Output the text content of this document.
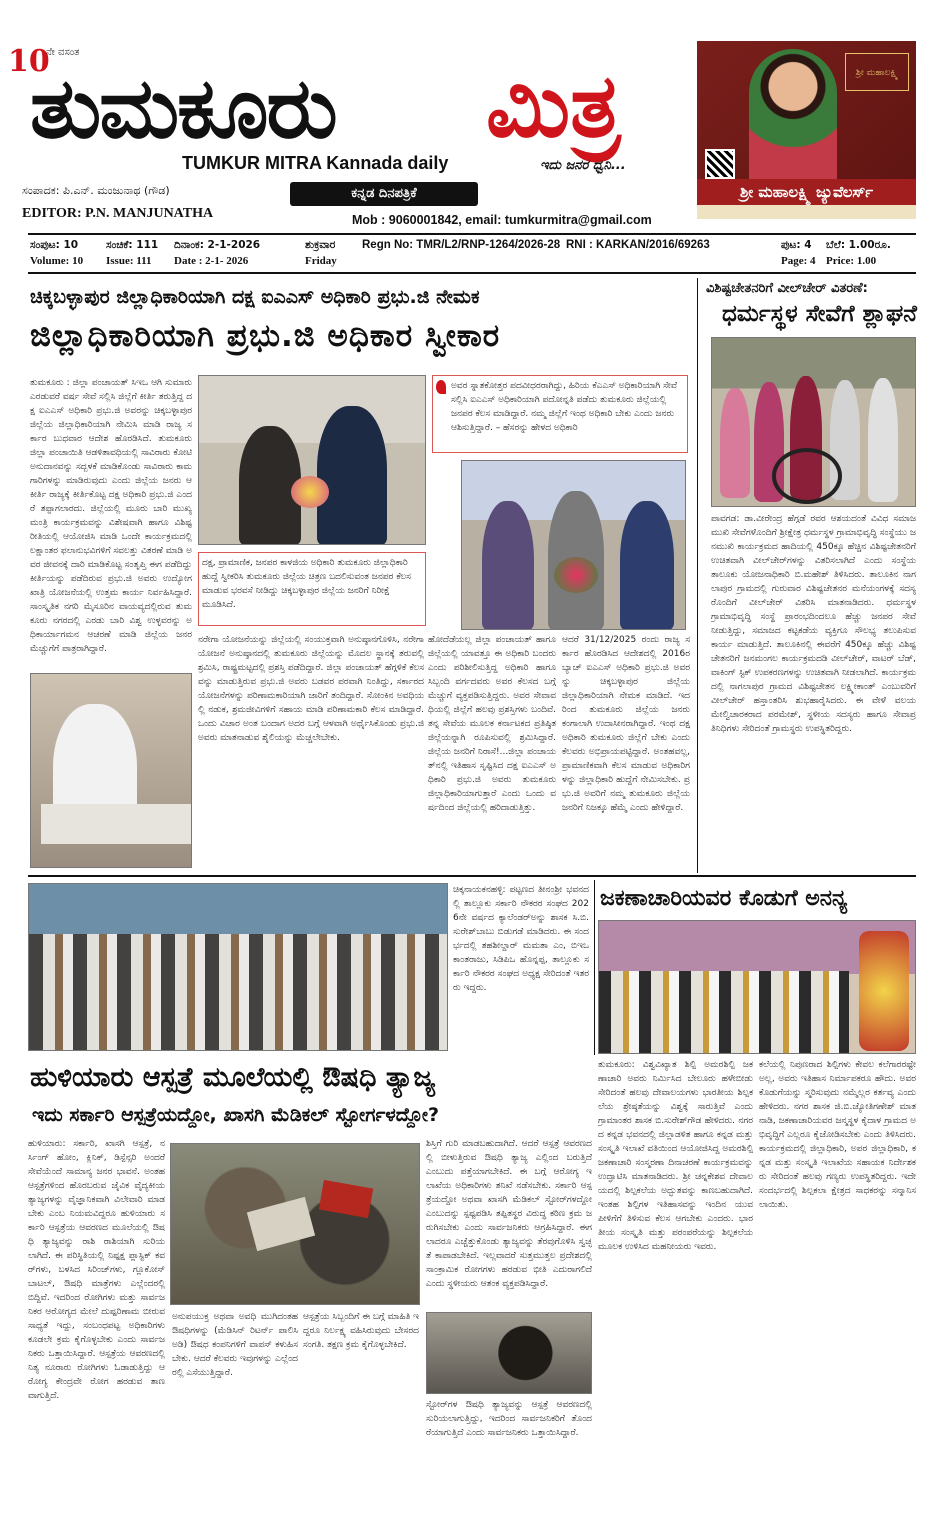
10
ನೇ ವಸಂತ
ತುಮಕೂರು ಮಿತ್ರ
TUMKUR MITRA Kannada daily	ಇದು ಜನರ ಧ್ವನಿ...
ಸಂಪಾದಕ: ಪಿ.ಎನ್. ಮಂಜುನಾಥ (ಗೌಡ)
EDITOR: P.N. MANJUNATHA
ಕನ್ನಡ ದಿನಪತ್ರಿಕೆ
Mob : 9060001842, email: tumkurmitra@gmail.com
ಶ್ರೀ ಮಹಾಲಕ್ಷ್ಮಿ
ಶ್ರೀ ಮಹಾಲಕ್ಷ್ಮಿ ಜ್ಯುವೆಲರ್ಸ್
ಸಂಪುಟ: 10	ಸಂಚಿಕೆ: 111 ದಿನಾಂಕ: 2-1-2026	ಶುಕ್ರವಾರ
Volume: 10 Issue: 111 Date : 2-1- 2026	Friday
Regn No: TMR/L2/RNP-1264/2026-28 RNI : KARKAN/2016/69263	ಪುಟ: 4 ಬೆಲೆ: 1.00ರೂ.
Page: 4 Price: 1.00
ಚಿಕ್ಕಬಳ್ಳಾಪುರ ಜಿಲ್ಲಾಧಿಕಾರಿಯಾಗಿ ದಕ್ಷ ಐಎಎಸ್ ಅಧಿಕಾರಿ ಪ್ರಭು.ಜಿ ನೇಮಕ
ಜಿಲ್ಲಾಧಿಕಾರಿಯಾಗಿ ಪ್ರಭು.ಜಿ ಅಧಿಕಾರ ಸ್ವೀಕಾರ
ತುಮಕೂರು : ಜಿಲ್ಲಾ ಪಂಚಾಯತ್ ಸಿಇಒ ಆಗಿ ಸುಮಾರು ಎರಡುವರೆ ವರ್ಷ ಸೇವೆ ಸಲ್ಲಿಸಿ ಜಿಲ್ಲೆಗೆ ಕೀರ್ತಿ ತರುತ್ತಿದ್ದ ದಕ್ಷ ಐಎಎಸ್ ಅಧಿಕಾರಿ ಪ್ರಭು.ಜಿ ಅವರನ್ನು ಚಿಕ್ಕಬಳ್ಳಾಪುರ ಜಿಲ್ಲೆಯ ಜಿಲ್ಲಾಧಿಕಾರಿಯಾಗಿ ನೇಮಿಸಿ ಮಾಡಿ ರಾಜ್ಯ ಸರ್ಕಾರ ಬುಧವಾರ ಆದೇಶ ಹೊರಡಿಸಿದೆ. ತುಮಕೂರು ಜಿಲ್ಲಾ ಪಂಚಾಯಿತಿ ಆಡಳಿತಾವಧಿಯಲ್ಲಿ ಸಾವಿರಾರು ಕೋಟಿ ಅನುದಾನವನ್ನು ಸದ್ಬಳಕೆ ಮಾಡಿಕೊಂಡು ಸಾವಿರಾರು ಕಾಮಗಾರಿಗಳನ್ನು ಮಾಡಿರುವುದು ಎಂದು ಜಿಲ್ಲೆಯ ಜನರು ಆ ಕೀರ್ತಿ ರಾಜ್ಯಕ್ಕೆ ಕೀರ್ತಿಕೊಟ್ಟ ದಕ್ಷ ಅಧಿಕಾರಿ ಪ್ರಭು.ಜಿ ಎಂದರೆ ತಪ್ಪಾಗಲಾರದು. ಜಿಲ್ಲೆಯಲ್ಲಿ ಮೂರು ಬಾರಿ ಮುಖ್ಯಮಂತ್ರಿ ಕಾರ್ಯಕ್ರಮವನ್ನು ವಿಶೇಷವಾಗಿ ಹಾಗೂ ವಿಶಿಷ್ಟ ರೀತಿಯಲ್ಲಿ ಆಯೋಜಿಸಿ ಮಾಡಿ ಒಂದೇ ಕಾರ್ಯಕ್ರಮದಲ್ಲಿ ಲಕ್ಷಾಂತರ ಫಲಾನುಭವಿಗಳಿಗೆ ಸವಲತ್ತು ವಿತರಣೆ ಮಾಡಿ ಅವರ ಜೀವನಕ್ಕೆ ದಾರಿ ಮಾಡಿಕೊಟ್ಟ ಸಂತೃಪ್ತಿ ಈಗ ಪಡೆದಿದ್ದು ಕೀರ್ತಿಯನ್ನು ಪಡೆದಿರುವ ಪ್ರಭು.ಜಿ ಅವರು ಉದ್ಯೋಗ ಖಾತ್ರಿ ಯೋಜನೆಯಲ್ಲಿ ಉತ್ತಮ ಕಾರ್ಯ ನಿರ್ವಹಿಸಿದ್ದಾರೆ. ಸಾಂಸ್ಕೃತಿಕ ನಗರಿ ಮೈಸೂರಿನ ವಾಯವ್ಯದಲ್ಲಿರುವ ತುಮಕೂರು ನಗರದಲ್ಲಿ ಎರಡು ಬಾರಿ ವಿಶ್ವ ಉಳ್ಳವರನ್ನು ಅಧಿಕಾರ್ಯಾಗಮನ ಆಚರಣೆ ಮಾಡಿ ಜಿಲ್ಲೆಯ ಜನರ ಮೆಚ್ಚುಗೆಗೆ ಪಾತ್ರರಾಗಿದ್ದಾರೆ.
ದಕ್ಷ, ಪ್ರಾಮಾಣಿಕ, ಜನಪರ ಕಾಳಜಿಯ ಅಧಿಕಾರಿ ತುಮಕೂರು ಜಿಲ್ಲಾಧಿಕಾರಿ ಹುದ್ದೆ ಸ್ವೀಕರಿಸಿ ತುಮಕೂರು ಜಿಲ್ಲೆಯ ಚಿತ್ರಣ ಬದಲಿಸುವಂತ ಜನಪರ ಕೆಲಸ ಮಾಡುವ ಭರವಸೆ ನೀಡಿದ್ದು ಚಿಕ್ಕಬಳ್ಳಾಪುರ ಜಿಲ್ಲೆಯ ಜನರಿಗೆ ನಿರೀಕ್ಷೆ ಮೂಡಿಸಿದೆ.
ಅವರ ಸ್ನಾತಕೋತ್ತರ ಪದವೀಧರರಾಗಿದ್ದು, ಹಿರಿಯ ಕೆಎಎಸ್ ಅಧಿಕಾರಿಯಾಗಿ ಸೇವೆ ಸಲ್ಲಿಸಿ ಐಎಎಸ್ ಅಧಿಕಾರಿಯಾಗಿ ಪದೋನ್ನತಿ ಪಡೆದು ತುಮಕೂರು ಜಿಲ್ಲೆಯಲ್ಲಿ ಜನಪರ ಕೆಲಸ ಮಾಡಿದ್ದಾರೆ. ನಮ್ಮ ಜಿಲ್ಲೆಗೆ ಇಂಥ ಅಧಿಕಾರಿ ಬೇಕು ಎಂದು ಜನರು ಆಶಿಸುತ್ತಿದ್ದಾರೆ. – ಹೆಸರನ್ನು ಹೇಳದ ಅಧಿಕಾರಿ
ನರೇಗಾ ಯೋಜನೆಯನ್ನು ಜಿಲ್ಲೆಯಲ್ಲಿ ಸಂಯುಕ್ತವಾಗಿ ಅನುಷ್ಠಾನಗೊಳಿಸಿ, ನರೇಗಾ ಯೋಜನೆ ಅನುಷ್ಠಾನದಲ್ಲಿ ತುಮಕೂರು ಜಿಲ್ಲೆಯನ್ನು ಮೊದಲ ಸ್ಥಾನಕ್ಕೆ ತರುವಲ್ಲಿ ಶ್ರಮಿಸಿ, ರಾಷ್ಟ್ರಮಟ್ಟದಲ್ಲಿ ಪ್ರಶಸ್ತಿ ಪಡೆದಿದ್ದಾರೆ. ಜಿಲ್ಲಾ ಪಂಚಾಯತ್ ಹೆಗ್ಗಳಿಕೆ ಕೆಲಸವನ್ನು ಮಾಡುತ್ತಿರುವ ಪ್ರಭು.ಜಿ ಅವರು ಬಡವರ ಪರವಾಗಿ ನಿಂತಿದ್ದು, ಸರ್ಕಾರದ ಯೋಜನೆಗಳನ್ನು ಪರಿಣಾಮಕಾರಿಯಾಗಿ ಜಾರಿಗೆ ತಂದಿದ್ದಾರೆ. ಸೋಂಕಿನ ಅವಧಿಯಲ್ಲಿ ನಡುಕ, ಶ್ರಮಜೀವಿಗಳಿಗೆ ಸಹಾಯ ಮಾಡಿ ಪರಿಣಾಮಕಾರಿ ಕೆಲಸ ಮಾಡಿದ್ದಾರೆ. ಒಂದು ವಿಚಾರ ಅಂತ ಬಂದಾಗ ಅದರ ಬಗ್ಗೆ ಆಳವಾಗಿ ಅರ್ಥೈಸಿಕೊಂಡು ಪ್ರಭು.ಜಿ ಅವರು ಮಾತನಾಡುವ ಶೈಲಿಯನ್ನು ಮೆಚ್ಚಲೇಬೇಕು.
ಹೋದೆಡೆಯಲ್ಲ ಜಿಲ್ಲಾ ಪಂಚಾಯತ್ ಹಾಗೂ ಜಿಲ್ಲೆಯಲ್ಲಿ ಯಾವತ್ತೂ ಈ ಅಧಿಕಾರಿ ಬಂದರು ಎಂದು ಪರಿಶೀಲಿಸುತ್ತಿದ್ದ ಅಧಿಕಾರಿ ಹಾಗೂ ಸಿಬ್ಬಂದಿ ವರ್ಗದವರು ಅವರ ಕೆಲಸದ ಬಗ್ಗೆ ಮೆಚ್ಚುಗೆ ವ್ಯಕ್ತಪಡಿಸುತ್ತಿದ್ದರು. ಅವರ ಸೇವಾವಧಿಯಲ್ಲಿ ಜಿಲ್ಲೆಗೆ ಹಲವು ಪ್ರಶಸ್ತಿಗಳು ಬಂದಿವೆ. ತನ್ನ ಸೇವೆಯ ಮೂಲಕ ಕರ್ನಾಟಕದ ಪ್ರತಿಷ್ಠಿತ ಜಿಲ್ಲೆಯನ್ನಾಗಿ ರೂಪಿಸುವಲ್ಲಿ ಶ್ರಮಿಸಿದ್ದಾರೆ. ಜಿಲ್ಲೆಯ ಜನರಿಗೆ ನಿರಾಸೆ!...ಜಿಲ್ಲಾ ಪಂಚಾಯತ್‌ನಲ್ಲಿ ಇತಿಹಾಸ ಸೃಷ್ಟಿಸಿದ ದಕ್ಷ ಐಎಎಸ್ ಅಧಿಕಾರಿ ಪ್ರಭು.ಜಿ ಅವರು ತುಮಕೂರು ಜಿಲ್ಲಾಧಿಕಾರಿಯಾಗುತ್ತಾರೆ ಎಂದು ಒಂದು ವರ್ಷದಿಂದ ಜಿಲ್ಲೆಯಲ್ಲಿ ಹರಿದಾಡುತ್ತಿತ್ತು.
ಆದರೆ 31/12/2025 ರಂದು ರಾಜ್ಯ ಸರ್ಕಾರ ಹೊರಡಿಸಿದ ಆದೇಶದಲ್ಲಿ 2016ರ ಬ್ಯಾಚ್ ಐಎಎಸ್ ಅಧಿಕಾರಿ ಪ್ರಭು.ಜಿ ಅವರನ್ನು ಚಿಕ್ಕಬಳ್ಳಾಪುರ ಜಿಲ್ಲೆಯ ಜಿಲ್ಲಾಧಿಕಾರಿಯಾಗಿ ನೇಮಕ ಮಾಡಿದೆ. ಇದರಿಂದ ತುಮಕೂರು ಜಿಲ್ಲೆಯ ಜನರು ಕಂಗಾಲಾಗಿ ಉದಾಸೀನರಾಗಿದ್ದಾರೆ. ಇಂಥ ದಕ್ಷ ಅಧಿಕಾರಿ ತುಮಕೂರು ಜಿಲ್ಲೆಗೆ ಬೇಕು ಎಂದು ಕೆಲವರು ಅಭಿಪ್ರಾಯಪಟ್ಟಿದ್ದಾರೆ. ಅಂತಹವಲ್ಲ, ಪ್ರಾಮಾಣಿಕವಾಗಿ ಕೆಲಸ ಮಾಡುವ ಅಧಿಕಾರಿಗಳನ್ನು ಜಿಲ್ಲಾಧಿಕಾರಿ ಹುದ್ದೆಗೆ ನೇಮಿಸಬೇಕು. ಪ್ರಭು.ಜಿ ಅವರಿಗೆ ನಮ್ಮ ತುಮಕೂರು ಜಿಲ್ಲೆಯ ಜನರಿಗೆ ನಿಜಕ್ಕೂ ಹೆಮ್ಮೆ ಎಂದು ಹೇಳಿದ್ದಾರೆ.
ವಿಶಿಷ್ಟಚೇತನರಿಗೆ ವೀಲ್‌ಚೇರ್ ವಿತರಣೆ:
ಧರ್ಮಸ್ಥಳ ಸೇವೆಗೆ ಶ್ಲಾಘನೆ
ಪಾವಗಡ: ಡಾ.ವೀರೇಂದ್ರ ಹೆಗ್ಗಡೆ ರವರ ಆಶಯದಂತೆ ವಿವಿಧ ಸಮಾಜಮುಖಿ ಸೇವೆಗಳೊಂದಿಗೆ ಶ್ರೀಕ್ಷೇತ್ರ ಧರ್ಮಸ್ಥಳ ಗ್ರಾಮಾಭಿವೃದ್ಧಿ ಸಂಸ್ಥೆಯು ಜನಮುಖಿ ಕಾರ್ಯಕ್ರಮದ ಹಾದಿಯಲ್ಲಿ 450ಕ್ಕೂ ಹೆಚ್ಚಿನ ವಿಶಿಷ್ಟಚೇತನರಿಗೆ ಉಚಿತವಾಗಿ ವೀಲ್‌ಚೇರ್‌ಗಳನ್ನು ವಿತರಿಸಲಾಗಿದೆ ಎಂದು ಸಂಸ್ಥೆಯ ತಾಲೂಕು ಯೋಜನಾಧಿಕಾರಿ ಬಿ.ಮಹೇಶ್ ತಿಳಿಸಿದರು. ತಾಲೂಕಿನ ನಾಗಲಾಪುರ ಗ್ರಾಮದಲ್ಲಿ ಗುರುವಾರ ವಿಶಿಷ್ಟಚೇತನರ ಮನೆಯಂಗಳಕ್ಕೆ ಸದಸ್ಯರೊಂದಿಗೆ ವೀಲ್‌ಚೇರ್ ವಿತರಿಸಿ ಮಾತನಾಡಿದರು. ಧರ್ಮಸ್ಥಳ ಗ್ರಾಮಾಭಿವೃದ್ಧಿ ಸಂಸ್ಥೆ ಪ್ರಾರಂಭದಿಂದಲೂ ಹೆಚ್ಚು ಜನಪರ ಸೇವೆ ನೀಡುತ್ತಿದ್ದು, ಸಮಾಜದ ಕಟ್ಟಕಡೆಯ ವ್ಯಕ್ತಿಗೂ ಸೌಲಭ್ಯ ತಲುಪಿಸುವ ಕಾರ್ಯ ಮಾಡುತ್ತಿದೆ. ತಾಲೂಕಿನಲ್ಲಿ ಈವರೆಗೆ 450ಕ್ಕೂ ಹೆಚ್ಚು ವಿಶಿಷ್ಟಚೇತನರಿಗೆ ಜನಮಂಗಲ ಕಾರ್ಯಕ್ರಮದಡಿ ವೀಲ್‌ಚೇರ್, ವಾಟರ್ ಬೆಡ್, ವಾಕಿಂಗ್ ಸ್ಟಿಕ್ ಉಪಕರಣಗಳನ್ನು ಉಚಿತವಾಗಿ ನೀಡಲಾಗಿದೆ. ಕಾರ್ಯಕ್ರಮದಲ್ಲಿ ನಾಗಲಾಪುರ ಗ್ರಾಮದ ವಿಶಿಷ್ಟಚೇತನ ಲಕ್ಷ್ಮೀಕಾಂತ್ ಎಂಬುವರಿಗೆ ವೀಲ್‌ಚೇರ್ ಹಸ್ತಾಂತರಿಸಿ ಶುಭಹಾರೈಸಿದರು. ಈ ವೇಳೆ ವಲಯ ಮೇಲ್ವಿಚಾರಕರಾದ ಪರಮೇಶ್, ಸ್ಥಳೀಯ ಸದಸ್ಯರು ಹಾಗೂ ಸೇವಾಪ್ರತಿನಿಧಿಗಳು ಸೇರಿದಂತೆ ಗ್ರಾಮಸ್ಥರು ಉಪಸ್ಥಿತರಿದ್ದರು.
ಚಿಕ್ಕನಾಯಕನಹಳ್ಳಿ: ಪಟ್ಟಣದ ತೀನಂಶ್ರೀ ಭವನದಲ್ಲಿ ತಾಲ್ಲೂಕು ಸರ್ಕಾರಿ ನೌಕರರ ಸಂಘದ 2026ನೇ ವರ್ಷದ ಕ್ಯಾಲೆಂಡರ್‌ಅನ್ನು ಶಾಸಕ ಸಿ.ಬಿ.ಸುರೇಶ್‌ಬಾಬು ಬಿಡುಗಡೆ ಮಾಡಿದರು. ಈ ಸಂದರ್ಭದಲ್ಲಿ ತಹಶೀಲ್ದಾರ್ ಮಮತಾ ಎಂ, ಬಿಇಒ ಕಾಂತರಾಜು, ಸಿಡಿಪಿಒ ಹೊನ್ನಪ್ಪ, ತಾಲ್ಲೂಕು ಸರ್ಕಾರಿ ನೌಕರರ ಸಂಘದ ಅಧ್ಯಕ್ಷ ಸೇರಿದಂತೆ ಇತರರು ಇದ್ದರು.
ಜಕಣಾಚಾರಿಯವರ ಕೊಡುಗೆ ಅನನ್ಯ
ತುಮಕೂರು: ವಿಶ್ವವಿಖ್ಯಾತ ಶಿಲ್ಪಿ ಅಮರಶಿಲ್ಪಿ ಜಕಣಾಚಾರಿ ಅವರು ನಿರ್ಮಿಸಿದ ಬೇಲೂರು ಹಳೇಬೀಡು ಸೇರಿದಂತೆ ಹಲವು ದೇವಾಲಯಗಳು ಭಾರತೀಯ ಶಿಲ್ಪಕಲೆಯ ಶ್ರೇಷ್ಠತೆಯನ್ನು ವಿಶ್ವಕ್ಕೆ ಸಾರುತ್ತಿವೆ ಎಂದು ಗ್ರಾಮಾಂತರ ಶಾಸಕ ಬಿ.ಸುರೇಶ್‌ಗೌಡ ಹೇಳಿದರು. ನಗರದ ಕನ್ನಡ ಭವನದಲ್ಲಿ ಜಿಲ್ಲಾಡಳಿತ ಹಾಗೂ ಕನ್ನಡ ಮತ್ತು ಸಂಸ್ಕೃತಿ ಇಲಾಖೆ ವತಿಯಿಂದ ಆಯೋಜಿಸಿದ್ದ ಅಮರಶಿಲ್ಪಿ ಜಕಣಾಚಾರಿ ಸಂಸ್ಮರಣಾ ದಿನಾಚರಣೆ ಕಾರ್ಯಕ್ರಮವನ್ನು ಉದ್ಘಾಟಿಸಿ ಮಾತನಾಡಿದರು. ಶ್ರೀ ಚನ್ನಕೇಶವ ದೇವಾಲಯದಲ್ಲಿ ಶಿಲ್ಪಕಲೆಯ ಅದ್ಭುತವನ್ನು ಕಾಣಬಹುದಾಗಿದೆ. ಇಂತಹ ಶಿಲ್ಪಿಗಳ ಇತಿಹಾಸವನ್ನು ಇಂದಿನ ಯುವಪೀಳಿಗೆಗೆ ತಿಳಿಸುವ ಕೆಲಸ ಆಗಬೇಕು ಎಂದರು. ಭಾರತೀಯ ಸಂಸ್ಕೃತಿ ಮತ್ತು ಪರಂಪರೆಯನ್ನು ಶಿಲ್ಪಕಲೆಯ ಮೂಲಕ ಉಳಿಸಿದ ಮಹನೀಯರು ಇವರು.
ಕಲೆಯಲ್ಲಿ ನಿಪುಣರಾದ ಶಿಲ್ಪಿಗಳು ಕೇವಲ ಕಲೆಗಾರರಷ್ಟೇ ಅಲ್ಲ, ಅವರು ಇತಿಹಾಸ ನಿರ್ಮಾಪಕರೂ ಹೌದು. ಅವರ ಕೊಡುಗೆಯನ್ನು ಸ್ಮರಿಸುವುದು ನಮ್ಮೆಲ್ಲರ ಕರ್ತವ್ಯ ಎಂದು ಹೇಳಿದರು. ನಗರ ಶಾಸಕ ಜಿ.ಬಿ.ಜ್ಯೋತಿಗಣೇಶ್ ಮಾತನಾಡಿ, ಜಕಣಾಚಾರಿಯವರ ಜನ್ಮಸ್ಥಳ ಕೈದಾಳ ಗ್ರಾಮದ ಅಭಿವೃದ್ಧಿಗೆ ಎಲ್ಲರೂ ಕೈಜೋಡಿಸಬೇಕು ಎಂದು ತಿಳಿಸಿದರು. ಕಾರ್ಯಕ್ರಮದಲ್ಲಿ ಜಿಲ್ಲಾಧಿಕಾರಿ, ಅಪರ ಜಿಲ್ಲಾಧಿಕಾರಿ, ಕನ್ನಡ ಮತ್ತು ಸಂಸ್ಕೃತಿ ಇಲಾಖೆಯ ಸಹಾಯಕ ನಿರ್ದೇಶಕರು ಸೇರಿದಂತೆ ಹಲವು ಗಣ್ಯರು ಉಪಸ್ಥಿತರಿದ್ದರು. ಇದೇ ಸಂದರ್ಭದಲ್ಲಿ ಶಿಲ್ಪಕಲಾ ಕ್ಷೇತ್ರದ ಸಾಧಕರನ್ನು ಸನ್ಮಾನಿಸಲಾಯಿತು.
ಹುಳಿಯಾರು ಆಸ್ಪತ್ರೆ ಮೂಲೆಯಲ್ಲಿ ಔಷಧಿ ತ್ಯಾಜ್ಯ
ಇದು ಸರ್ಕಾರಿ ಆಸ್ಪತ್ರೆಯದ್ದೋ, ಖಾಸಗಿ ಮೆಡಿಕಲ್ ಸ್ಟೋರ್ಗಳದ್ದೋ?
ಹುಳಿಯಾರು: ಸರ್ಕಾರಿ, ಖಾಸಗಿ ಆಸ್ಪತ್ರೆ, ನರ್ಸಿಂಗ್ ಹೋಂ, ಕ್ಲಿನಿಕ್, ಡಿಸ್ಪೆನ್ಸರಿ ಅಂದರೆ ಸೇವೆಯೆಂದೆ ಸಾಮಾನ್ಯ ಜನರ ಭಾವನೆ. ಅಂತಹ ಆಸ್ಪತ್ರೆಗಳಿಂದ ಹೊರಬರುವ ಜೈವಿಕ ವೈದ್ಯಕೀಯ ತ್ಯಾಜ್ಯಗಳನ್ನು ವೈಜ್ಞಾನಿಕವಾಗಿ ವಿಲೇವಾರಿ ಮಾಡಬೇಕು ಎಂಬ ನಿಯಮವಿದ್ದರೂ ಹುಳಿಯಾರು ಸರ್ಕಾರಿ ಆಸ್ಪತ್ರೆಯ ಆವರಣದ ಮೂಲೆಯಲ್ಲಿ ಔಷಧಿ ತ್ಯಾಜ್ಯವನ್ನು ರಾಶಿ ರಾಶಿಯಾಗಿ ಸುರಿಯಲಾಗಿದೆ. ಈ ಪರಿಸ್ಥಿತಿಯಲ್ಲಿ ನಿಷ್ಪಕ್ಷ ಪ್ಲಾಸ್ಟಿಕ್ ಕವರ್‌ಗಳು, ಬಳಸಿದ ಸಿರಿಂಜ್‌ಗಳು, ಗ್ಲೂಕೋಸ್ ಬಾಟಲ್, ಔಷಧಿ ಮಾತ್ರೆಗಳು ಎಲ್ಲೆಂದರಲ್ಲಿ ಬಿದ್ದಿವೆ. ಇದರಿಂದ ರೋಗಿಗಳು ಮತ್ತು ಸಾರ್ವಜನಿಕರ ಆರೋಗ್ಯದ ಮೇಲೆ ದುಷ್ಪರಿಣಾಮ ಬೀರುವ ಸಾಧ್ಯತೆ ಇದ್ದು, ಸಂಬಂಧಪಟ್ಟ ಅಧಿಕಾರಿಗಳು ಕೂಡಲೇ ಕ್ರಮ ಕೈಗೊಳ್ಳಬೇಕು ಎಂದು ಸಾರ್ವಜನಿಕರು ಒತ್ತಾಯಿಸಿದ್ದಾರೆ. ಆಸ್ಪತ್ರೆಯ ಆವರಣದಲ್ಲಿ ನಿತ್ಯ ನೂರಾರು ರೋಗಿಗಳು ಓಡಾಡುತ್ತಿದ್ದು ಆರೋಗ್ಯ ಕೇಂದ್ರವೇ ರೋಗ ಹರಡುವ ತಾಣವಾಗುತ್ತಿದೆ.
ಶಿಸ್ತಿಗೆ ಗುರಿ ಮಾಡಬಹುದಾಗಿದೆ. ಆದರೆ ಆಸ್ಪತ್ರೆ ಆವರಣದಲ್ಲಿ ಬೀಳುತ್ತಿರುವ ಔಷಧಿ ತ್ಯಾಜ್ಯ ಎಲ್ಲಿಂದ ಬರುತ್ತಿದೆ ಎಂಬುದು ಪತ್ತೆಯಾಗಬೇಕಿದೆ. ಈ ಬಗ್ಗೆ ಆರೋಗ್ಯ ಇಲಾಖೆಯ ಅಧಿಕಾರಿಗಳು ತನಿಖೆ ನಡೆಸಬೇಕು. ಸರ್ಕಾರಿ ಆಸ್ಪತ್ರೆಯದ್ದೋ ಅಥವಾ ಖಾಸಗಿ ಮೆಡಿಕಲ್ ಸ್ಟೋರ್‌ಗಳದ್ದೋ ಎಂಬುದನ್ನು ಸ್ಪಷ್ಟಪಡಿಸಿ ತಪ್ಪಿತಸ್ಥರ ವಿರುದ್ಧ ಕಠಿಣ ಕ್ರಮ ಜರುಗಿಸಬೇಕು ಎಂದು ಸಾರ್ವಜನಿಕರು ಆಗ್ರಹಿಸಿದ್ದಾರೆ. ಈಗಲಾದರೂ ಎಚ್ಚೆತ್ತುಕೊಂಡು ತ್ಯಾಜ್ಯವನ್ನು ತೆರವುಗೊಳಿಸಿ ಸ್ವಚ್ಛತೆ ಕಾಪಾಡಬೇಕಿದೆ. ಇಲ್ಲವಾದರೆ ಸುತ್ತಮುತ್ತಲ ಪ್ರದೇಶದಲ್ಲಿ ಸಾಂಕ್ರಾಮಿಕ ರೋಗಗಳು ಹರಡುವ ಭೀತಿ ಎದುರಾಗಲಿದೆ ಎಂದು ಸ್ಥಳೀಯರು ಆತಂಕ ವ್ಯಕ್ತಪಡಿಸಿದ್ದಾರೆ.
ಅನುಪಯುಕ್ತ ಅಥವಾ ಅವಧಿ ಮುಗಿದಂತಹ ಔಷಧಿಗಳನ್ನು (ಮೆಡಿಸಿನ್ ರಿಟರ್ನ್ ಪಾಲಿಸಿ ಅಡಿ) ಔಷಧ ಕಂಪನಿಗಳಿಗೆ ವಾಪಸ್ ಕಳುಹಿಸಬೇಕು. ಆದರೆ ಕೆಲವರು ಇವುಗಳನ್ನು ಎಲ್ಲೆಂದರಲ್ಲಿ ಎಸೆಯುತ್ತಿದ್ದಾರೆ.
ಆಸ್ಪತ್ರೆಯ ಸಿಬ್ಬಂದಿಗೆ ಈ ಬಗ್ಗೆ ಮಾಹಿತಿ ಇದ್ದರೂ ನಿರ್ಲಕ್ಷ್ಯ ವಹಿಸಿರುವುದು ಬೇಸರದ ಸಂಗತಿ. ತಕ್ಷಣ ಕ್ರಮ ಕೈಗೊಳ್ಳಬೇಕಿದೆ.
ಸ್ಟೋರ್‌ಗಳ ಔಷಧಿ ತ್ಯಾಜ್ಯವನ್ನು ಆಸ್ಪತ್ರೆ ಆವರಣದಲ್ಲಿ ಸುರಿಯಲಾಗುತ್ತಿದ್ದು, ಇದರಿಂದ ಸಾರ್ವಜನಿಕರಿಗೆ ತೊಂದರೆಯಾಗುತ್ತಿದೆ ಎಂದು ಸಾರ್ವಜನಿಕರು ಒತ್ತಾಯಿಸಿದ್ದಾರೆ.
